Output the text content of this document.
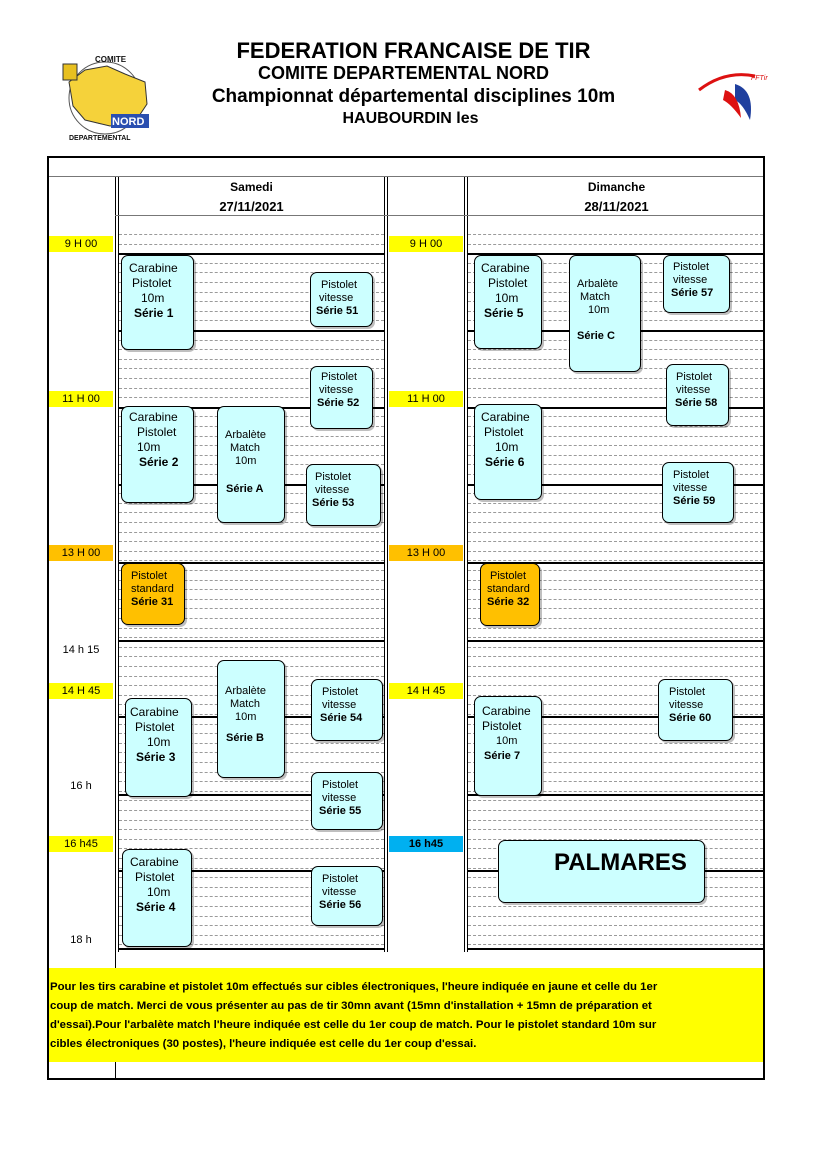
FEDERATION FRANCAISE DE TIR
COMITE DEPARTEMENTAL NORD
Championnat départemental disciplines 10m
HAUBOURDIN les
NORD
COMITE
DEPARTEMENTAL
FFTir
Samedi
27/11/2021
Dimanche
28/11/2021
9 H 00
11 H 00
13 H 00
14 h 15
14 H 45
16 h
16 h45
18 h
9 H 00
11 H 00
13 H 00
14 H 45
16 h45
Carabine
Pistolet
10m
Série 1
Pistolet
vitesse
Série 51
Pistolet
vitesse
Série 52
Carabine
Pistolet
10m
Série 2
Arbalète
Match
10m
Série A
Pistolet
vitesse
Série 53
Pistolet
standard
Série 31
Arbalète
Match
10m
Série B
Pistolet
vitesse
Série 54
Carabine
Pistolet
10m
Série 3
Pistolet
vitesse
Série 55
Carabine
Pistolet
10m
Série 4
Pistolet
vitesse
Série 56
Carabine
Pistolet
10m
Série 5
Arbalète
Match
10m
Série C
Pistolet
vitesse
Série 57
Pistolet
vitesse
Série 58
Carabine
Pistolet
10m
Série 6
Pistolet
vitesse
Série 59
Pistolet
standard
Série 32
Carabine
Pistolet
10m
Série 7
Pistolet
vitesse
Série 60
PALMARES
Pour les tirs carabine et pistolet 10m effectués sur cibles électroniques, l'heure indiquée en jaune et celle du 1er
coup de match. Merci de vous présenter au pas de tir 30mn avant (15mn d'installation + 15mn de préparation et
d'essai).Pour l'arbalète match l'heure indiquée est celle du 1er coup de match. Pour le pistolet standard 10m sur
cibles électroniques (30 postes), l'heure indiquée est celle du 1er coup d'essai.
